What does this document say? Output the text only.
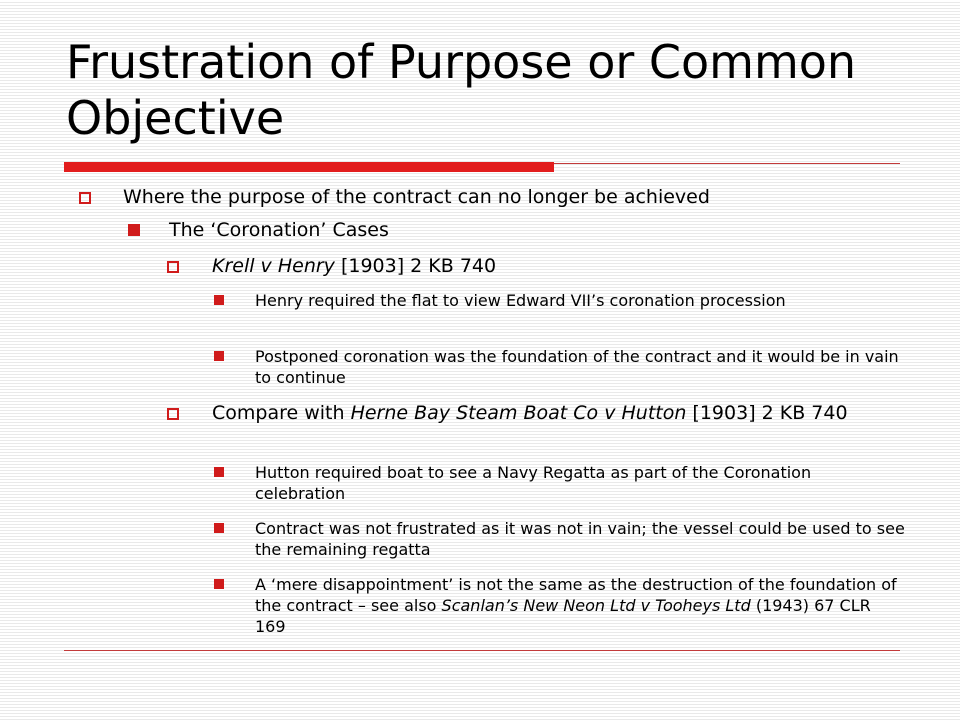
Frustration of Purpose or Common Objective
Where the purpose of the contract can no longer be achieved
The ‘Coronation’ Cases
Krell v Henry [1903] 2 KB 740
Henry required the flat to view Edward VII’s coronation procession
Postponed coronation was the foundation of the contract and it would be in vain to continue
Compare with Herne Bay Steam Boat Co v Hutton [1903] 2 KB 740
Hutton required boat to see a Navy Regatta as part of the Coronation celebration
Contract was not frustrated as it was not in vain; the vessel could be used to see the remaining regatta
A ‘mere disappointment’ is not the same as the destruction of the foundation of the contract – see also Scanlan’s New Neon Ltd v Tooheys Ltd (1943) 67 CLR 169
